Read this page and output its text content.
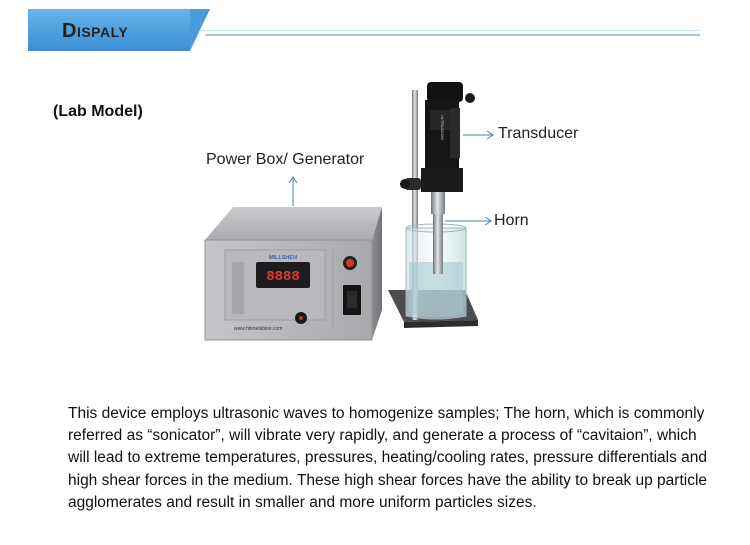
Dispaly
(Lab Model)
8888
MILLSHEN
www.hbmelsbion.com
ULTRASONIC
Power Box/ Generator
Transducer
Horn
This device employs ultrasonic waves to homogenize samples; The horn, which is commonly referred as “sonicator”, will vibrate very rapidly, and generate a process of “cavitaion”, which will lead to extreme temperatures, pressures, heating/cooling rates, pressure differentials and high shear forces in the medium. These high shear forces have the ability to break up particle agglomerates and result in smaller and more uniform particles sizes.
